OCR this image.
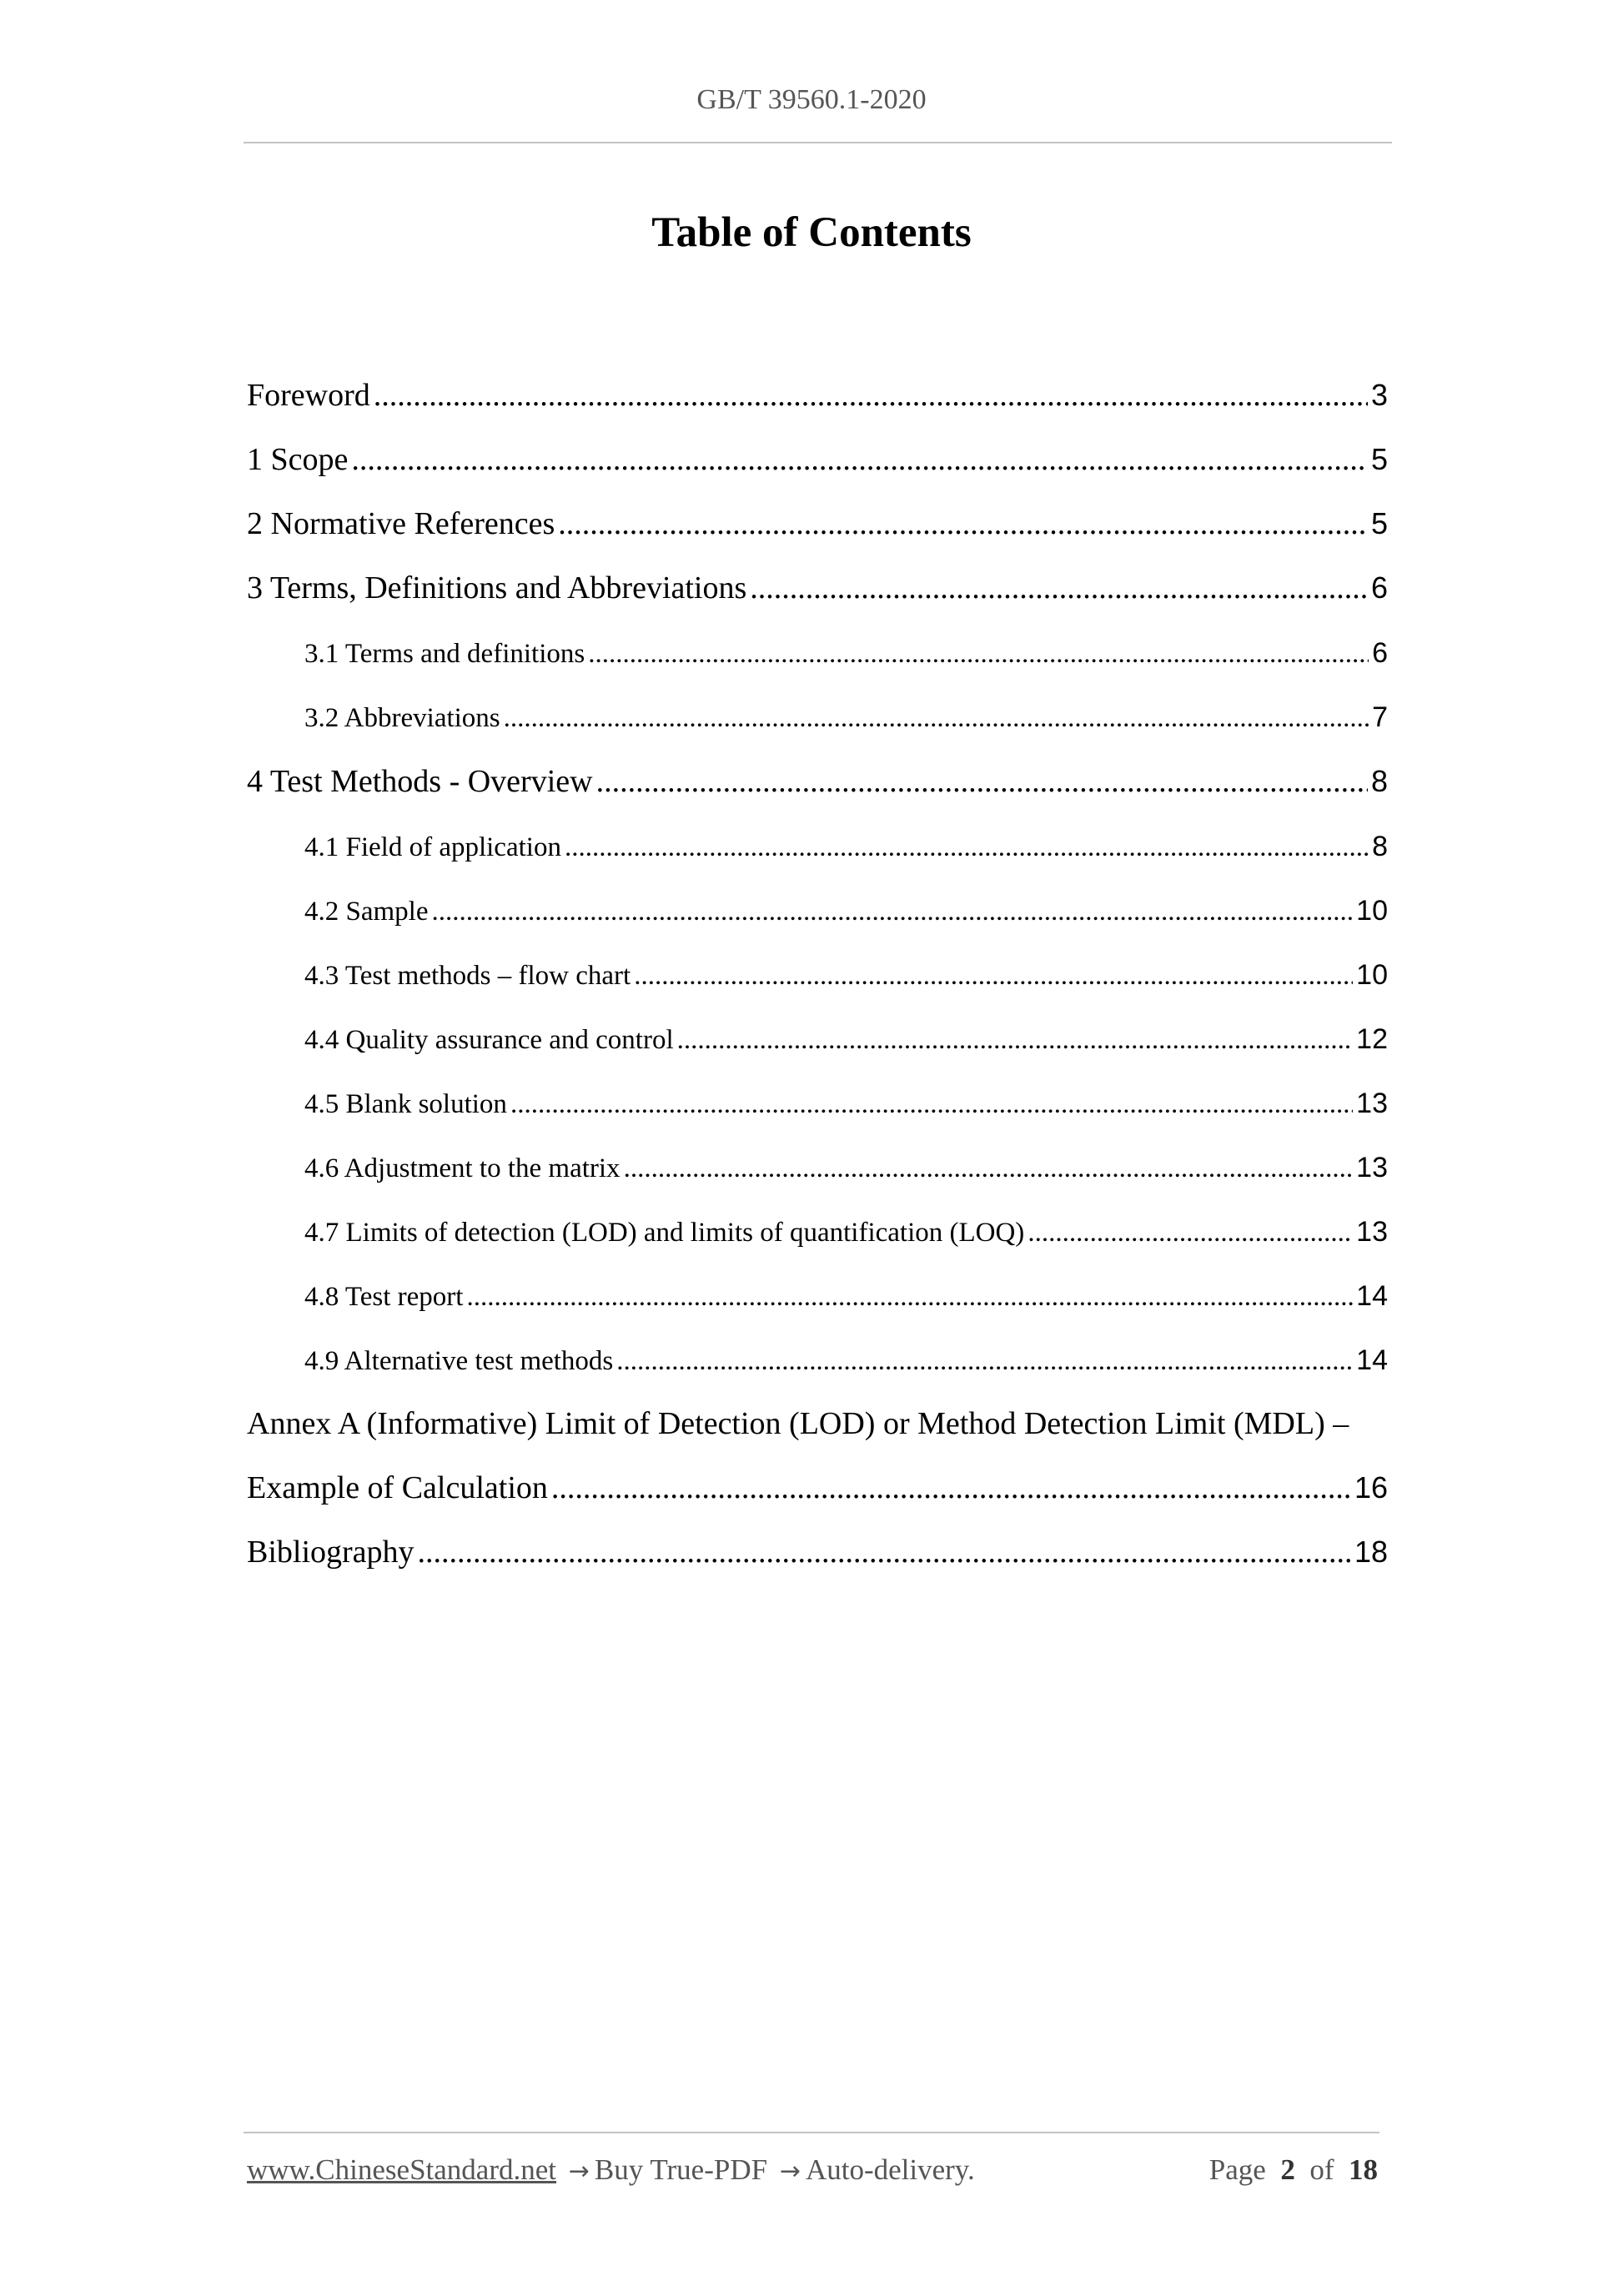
GB/T 39560.1-2020
Table of Contents
Foreword .....	3
1 Scope .....	5
2 Normative References .....	5
3 Terms, Definitions and Abbreviations .....	6
3.1 Terms and definitions .....	6
3.2 Abbreviations .....	7
4 Test Methods - Overview .....	8
4.1 Field of application .....	8
4.2 Sample .....	10
4.3 Test methods – flow chart .....	10
4.4 Quality assurance and control .....	12
4.5 Blank solution .....	13
4.6 Adjustment to the matrix .....	13
4.7 Limits of detection (LOD) and limits of quantification (LOQ) .....	13
4.8 Test report .....	14
4.9 Alternative test methods .....	14
Annex A (Informative) Limit of Detection (LOD) or Method Detection Limit (MDL) –
Example of Calculation .....	16
Bibliography .....	18
www.ChineseStandard.net → Buy True-PDF → Auto-delivery.	Page 2 of 18
